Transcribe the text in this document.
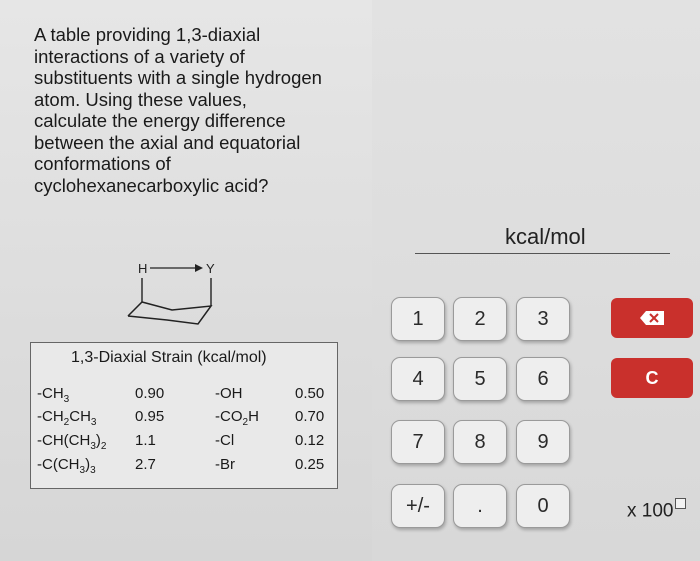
A table providing 1,3-diaxial
interactions of a variety of
substituents with a single hydrogen
atom. Using these values,
calculate the energy difference
between the axial and equatorial
conformations of
cyclohexanecarboxylic acid?
kcal/mol
H	Y
1,3-Diaxial Strain (kcal/mol)
$-CH_3$	0.90	-OH	0.50
$-CH_2CH_3$	0.95	$-CO_2H$ 0.70
$-CH(CH_3)_2$ 1.1	-Cl	0.12
$-C(CH_3)_3$	2.7	-Br	0.25
1	2	3
4	5	6
7	8	9
+/-	.	0
C
x 100
